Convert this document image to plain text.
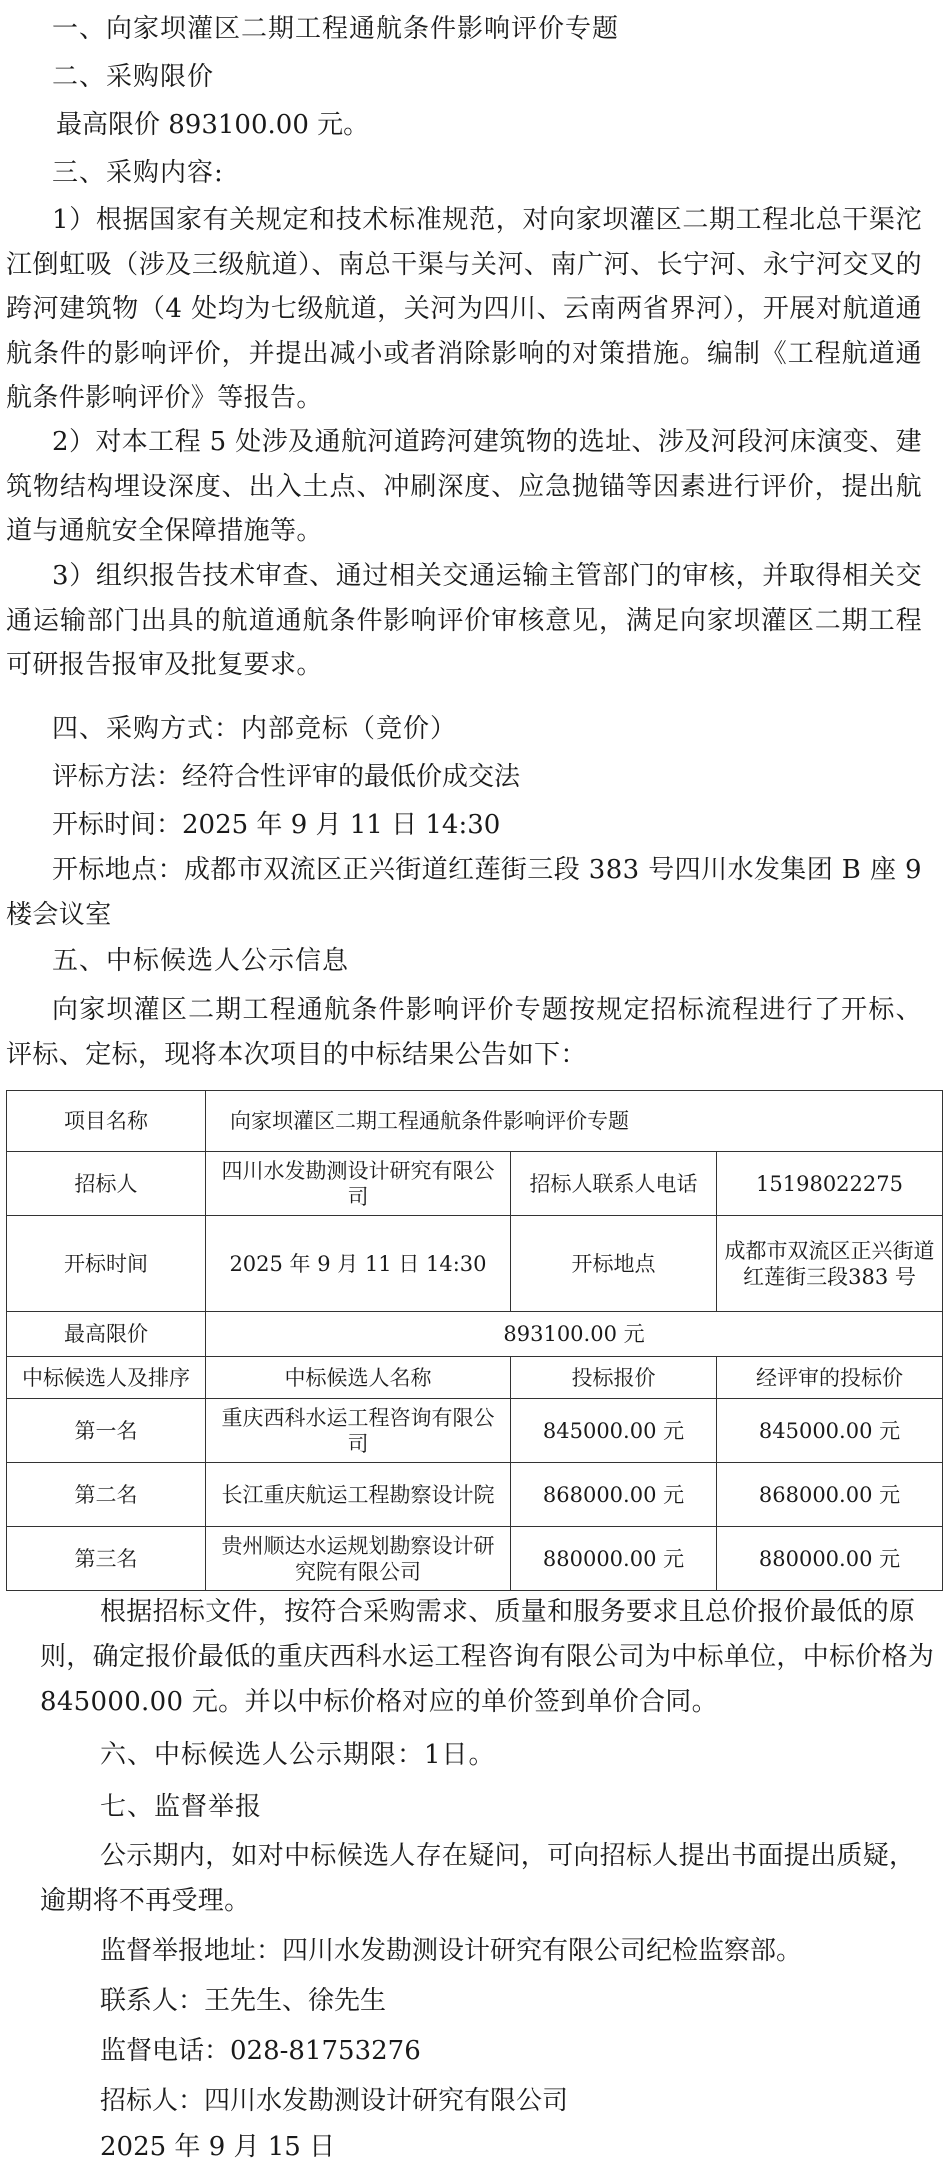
一、向家坝灌区二期工程通航条件影响评价专题

二、采购限价

最高限价 893100.00 元。

三、采购内容:

1）根据国家有关规定和技术标准规范，对向家坝灌区二期工程北总干渠沱江倒虹吸（涉及三级航道）、南总干渠与关河、南广河、长宁河、永宁河交叉的跨河建筑物（4 处均为七级航道，关河为四川、云南两省界河），开展对航道通航条件的影响评价，并提出减小或者消除影响的对策措施。编制《工程航道通航条件影响评价》等报告。

2）对本工程 5 处涉及通航河道跨河建筑物的选址、涉及河段河床演变、建筑物结构埋设深度、出入土点、冲刷深度、应急抛锚等因素进行评价，提出航道与通航安全保障措施等。

3）组织报告技术审查、通过相关交通运输主管部门的审核，并取得相关交通运输部门出具的航道通航条件影响评价审核意见，满足向家坝灌区二期工程可研报告报审及批复要求。

四、采购方式：内部竞标（竞价）

评标方法：经符合性评审的最低价成交法

开标时间：2025 年 9 月 11 日 14:30

开标地点：成都市双流区正兴街道红莲街三段 383 号四川水发集团 B 座 9 楼会议室

五、中标候选人公示信息

向家坝灌区二期工程通航条件影响评价专题按规定招标流程进行了开标、评标、定标，现将本次项目的中标结果公告如下：

项目名称	向家坝灌区二期工程通航条件影响评价专题		
招标人	四川水发勘测设计研究有限公司	招标人联系人电话	15198022275
开标时间	2025 年 9 月 11 日 14:30	开标地点	成都市双流区正兴街道红莲街三段383 号
最高限价	893100.00 元		
中标候选人及排序	中标候选人名称	投标报价	经评审的投标价
第一名	重庆西科水运工程咨询有限公司	845000.00 元	845000.00 元
第二名	长江重庆航运工程勘察设计院	868000.00 元	868000.00 元
第三名	贵州顺达水运规划勘察设计研究院有限公司	880000.00 元	880000.00 元

根据招标文件，按符合采购需求、质量和服务要求且总价报价最低的原则，确定报价最低的重庆西科水运工程咨询有限公司为中标单位，中标价格为845000.00 元。并以中标价格对应的单价签到单价合同。

六、中标候选人公示期限：1日。

七、监督举报

公示期内，如对中标候选人存在疑问，可向招标人提出书面提出质疑，逾期将不再受理。

监督举报地址：四川水发勘测设计研究有限公司纪检监察部。

联系人：王先生、徐先生

监督电话：028-81753276

招标人：四川水发勘测设计研究有限公司

2025 年 9 月 15 日
